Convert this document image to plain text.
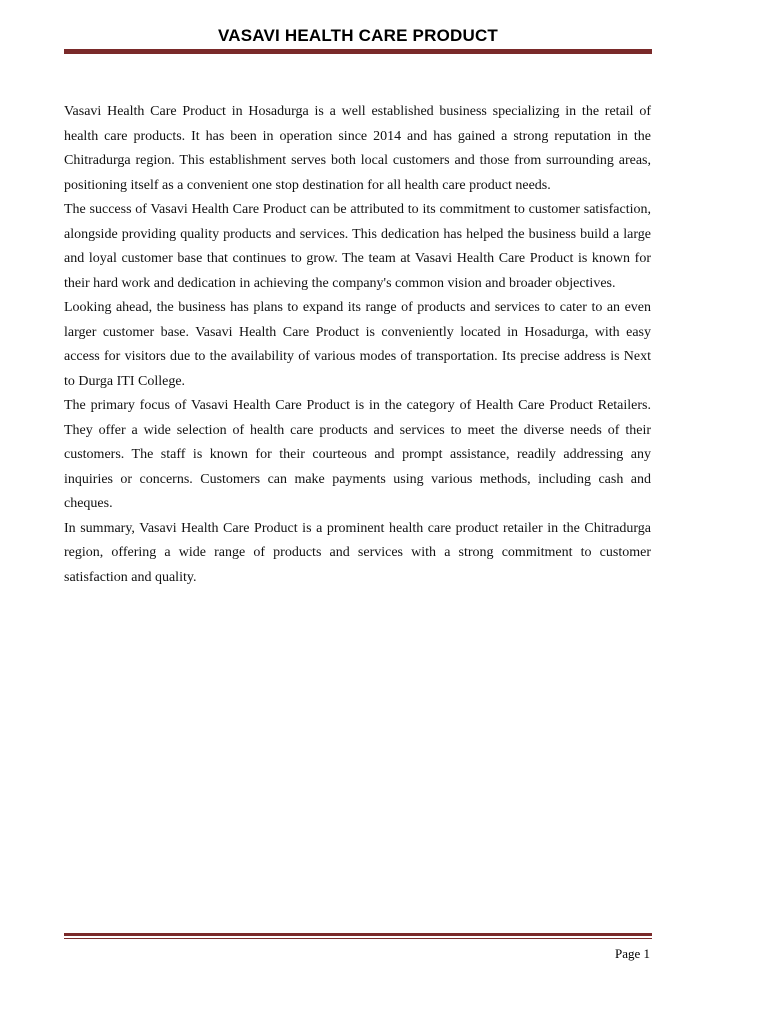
VASAVI HEALTH CARE PRODUCT

Vasavi Health Care Product in Hosadurga is a well established business specializing in the retail of health care products. It has been in operation since 2014 and has gained a strong reputation in the Chitradurga region. This establishment serves both local customers and those from surrounding areas, positioning itself as a convenient one stop destination for all health care product needs.

The success of Vasavi Health Care Product can be attributed to its commitment to customer satisfaction, alongside providing quality products and services. This dedication has helped the business build a large and loyal customer base that continues to grow. The team at Vasavi Health Care Product is known for their hard work and dedication in achieving the company's common vision and broader objectives.

Looking ahead, the business has plans to expand its range of products and services to cater to an even larger customer base. Vasavi Health Care Product is conveniently located in Hosadurga, with easy access for visitors due to the availability of various modes of transportation. Its precise address is Next to Durga ITI College.

The primary focus of Vasavi Health Care Product is in the category of Health Care Product Retailers. They offer a wide selection of health care products and services to meet the diverse needs of their customers. The staff is known for their courteous and prompt assistance, readily addressing any inquiries or concerns. Customers can make payments using various methods, including cash and cheques.

In summary, Vasavi Health Care Product is a prominent health care product retailer in the Chitradurga region, offering a wide range of products and services with a strong commitment to customer satisfaction and quality.

Page 1
